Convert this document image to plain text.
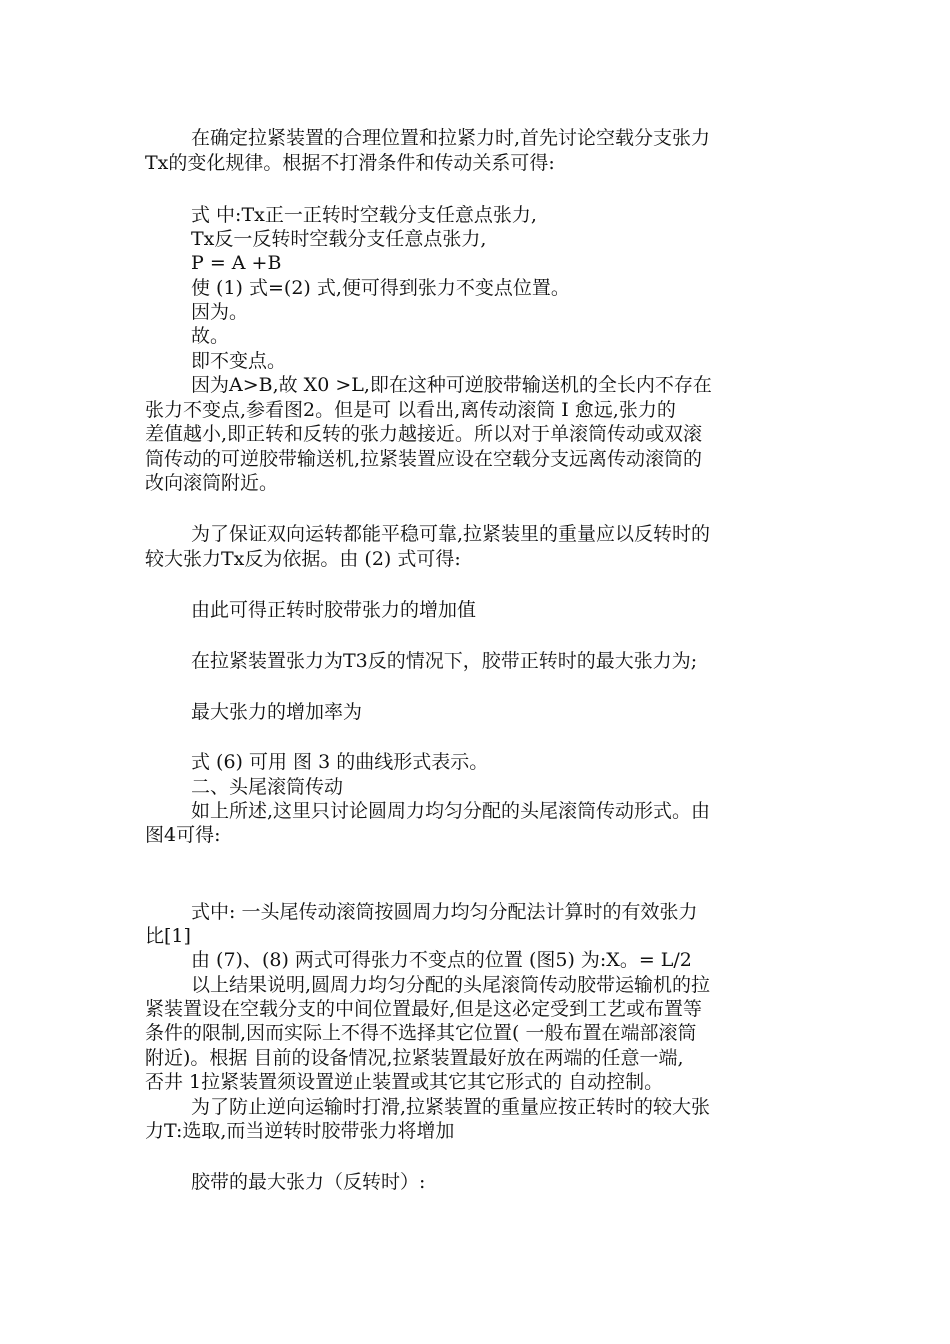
在确定拉紧装置的合理位置和拉紧力时,首先讨论空载分支张力
Tx的变化规律。根据不打滑条件和传动关系可得:
式 中:Tx正一正转时空载分支任意点张力,
Tx反一反转时空载分支任意点张力,
P = A +B
使 (1) 式=(2) 式,便可得到张力不变点位置。
因为。
故。
即不变点。
因为A>B,故 X0 >L,即在这种可逆胶带输送机的全长内不存在
张力不变点,参看图2。但是可 以看出,离传动滚筒 I 愈远,张力的
差值越小,即正转和反转的张力越接近。所以对于单滚筒传动或双滚
筒传动的可逆胶带输送机,拉紧装置应设在空载分支远离传动滚筒的
改向滚筒附近。
为了保证双向运转都能平稳可靠,拉紧装里的重量应以反转时的
较大张力Tx反为依据。由 (2) 式可得:
由此可得正转时胶带张力的增加值
在拉紧装置张力为T3反的情况下，胶带正转时的最大张力为;
最大张力的增加率为
式 (6) 可用 图 3 的曲线形式表示。
二、头尾滚筒传动
如上所述,这里只讨论圆周力均匀分配的头尾滚筒传动形式。由
图4可得:
式中: 一头尾传动滚筒按圆周力均匀分配法计算时的有效张力
比[1]
由 (7)、(8) 两式可得张力不变点的位置 (图5) 为:X。= L/2
以上结果说明,圆周力均匀分配的头尾滚筒传动胶带运输机的拉
紧装置设在空载分支的中间位置最好,但是这必定受到工艺或布置等
条件的限制,因而实际上不得不选择其它位置( 一般布置在端部滚筒
附近)。根据 目前的设备情况,拉紧装置最好放在两端的任意一端,
否井 1拉紧装置须设置逆止装置或其它其它形式的 自动控制。
为了防止逆向运输时打滑,拉紧装置的重量应按正转时的较大张
力T:选取,而当逆转时胶带张力将增加
胶带的最大张力（反转时）:
